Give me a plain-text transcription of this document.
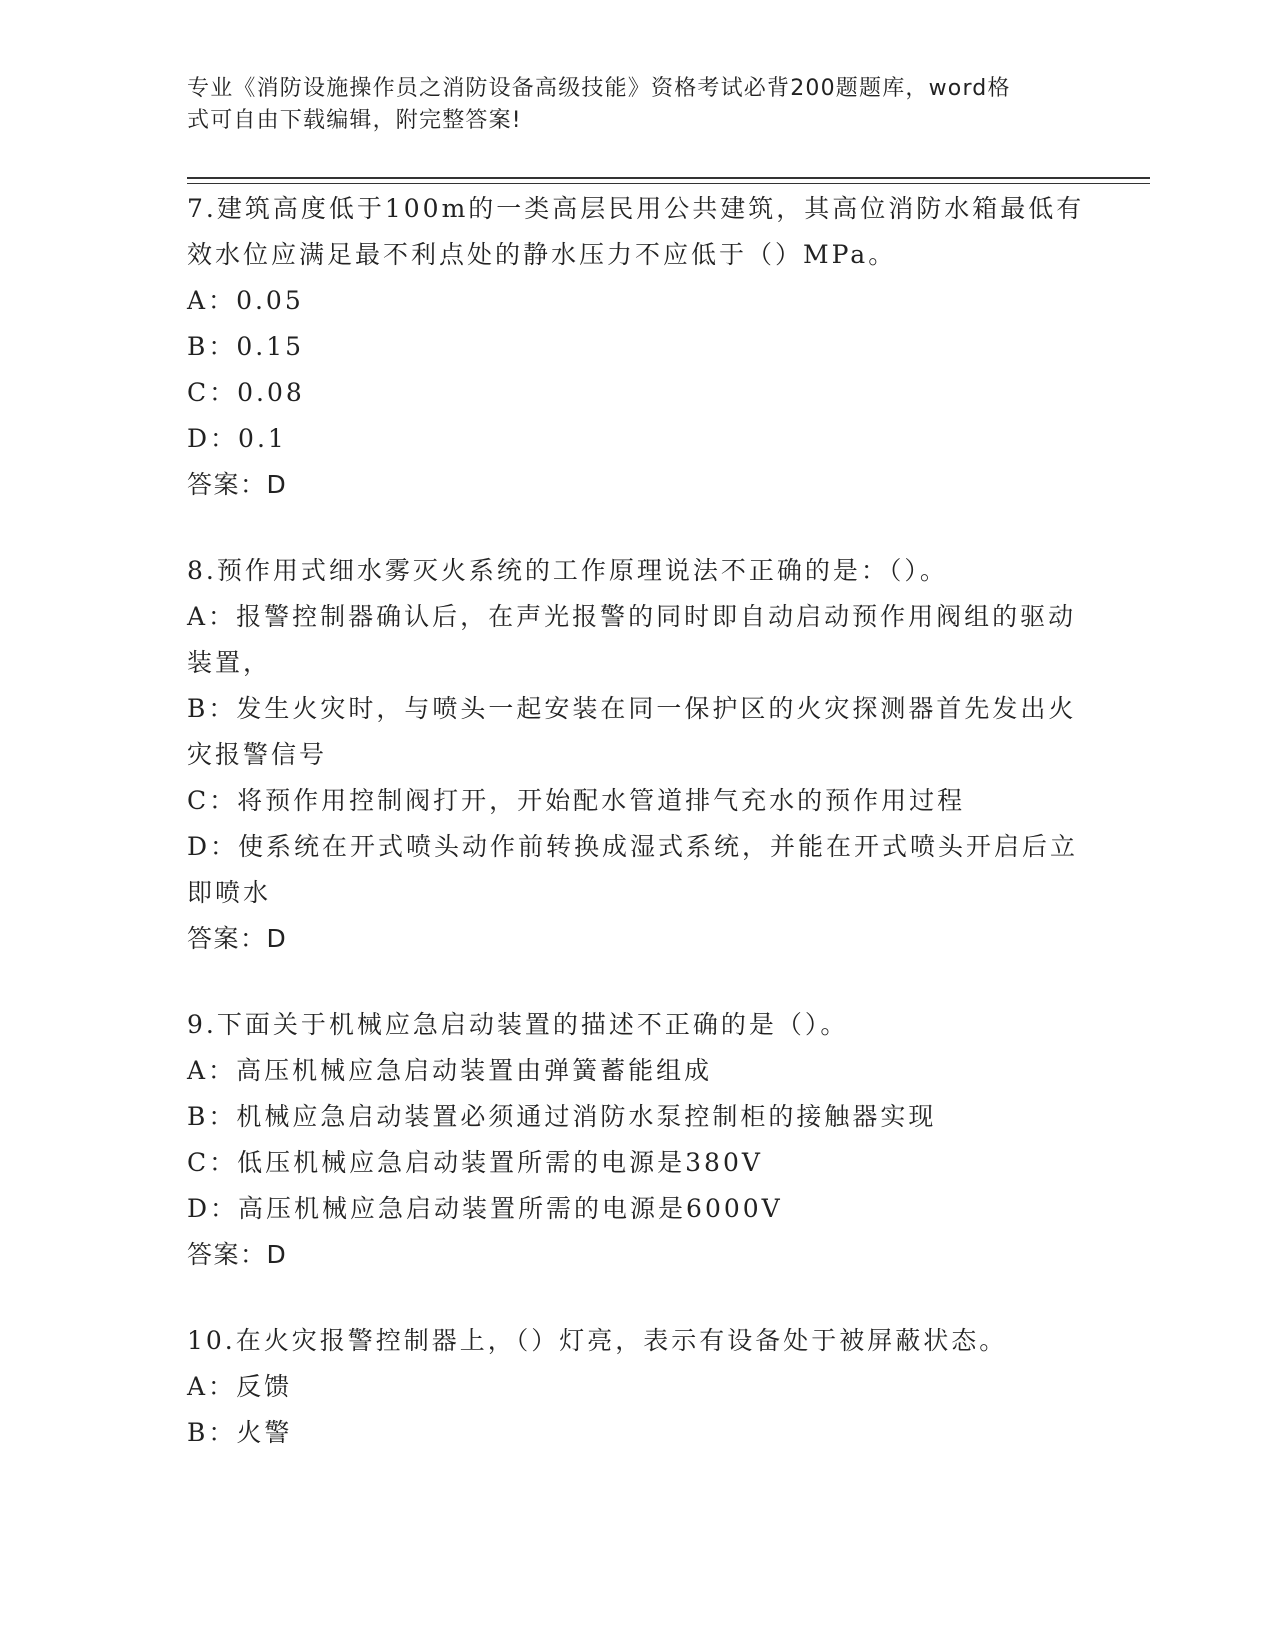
专业《消防设施操作员之消防设备高级技能》资格考试必背200题题库，word格
式可自由下载编辑，附完整答案!
7.建筑高度低于100m的一类高层民用公共建筑，其高位消防水箱最低有效水位应满足最不利点处的静水压力不应低于（）MPa。
A：0.05
B：0.15
C：0.08
D：0.1
答案：D
8.预作用式细水雾灭火系统的工作原理说法不正确的是：（）。
A：报警控制器确认后，在声光报警的同时即自动启动预作用阀组的驱动装置，
B：发生火灾时，与喷头一起安装在同一保护区的火灾探测器首先发出火灾报警信号
C：将预作用控制阀打开，开始配水管道排气充水的预作用过程
D：使系统在开式喷头动作前转换成湿式系统，并能在开式喷头开启后立即喷水
答案：D
9.下面关于机械应急启动装置的描述不正确的是（）。
A：高压机械应急启动装置由弹簧蓄能组成
B：机械应急启动装置必须通过消防水泵控制柜的接触器实现
C：低压机械应急启动装置所需的电源是380V
D：高压机械应急启动装置所需的电源是6000V
答案：D
10.在火灾报警控制器上，（）灯亮，表示有设备处于被屏蔽状态。
A：反馈
B：火警
